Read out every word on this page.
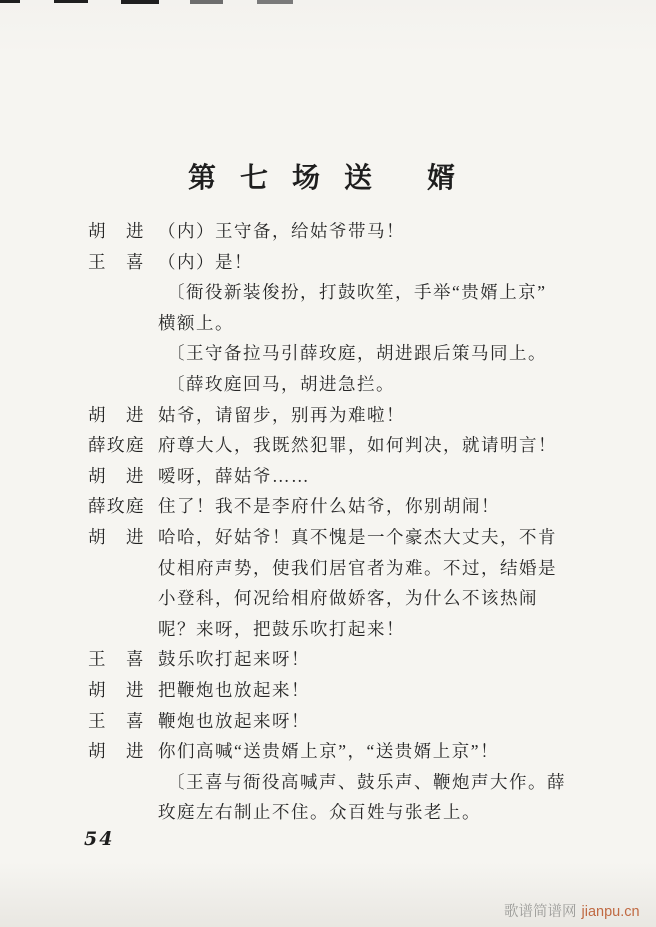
第七场送 婿
胡　进 （内）王守备，给姑爷带马！
王　喜 （内）是！
〔衙役新装俊扮，打鼓吹笙，手举“贵婿上京”
横额上。
〔王守备拉马引薛玫庭，胡进跟后策马同上。
〔薛玫庭回马，胡进急拦。
胡　进 姑爷，请留步，别再为难啦！
薛玫庭 府尊大人，我既然犯罪，如何判决，就请明言！
胡　进 嗳呀，薛姑爷……
薛玫庭 住了！我不是李府什么姑爷，你别胡闹！
胡　进 哈哈，好姑爷！真不愧是一个豪杰大丈夫，不肯
仗相府声势，使我们居官者为难。不过，结婚是
小登科，何况给相府做娇客，为什么不该热闹
呢？来呀，把鼓乐吹打起来！
王　喜 鼓乐吹打起来呀！
胡　进 把鞭炮也放起来！
王　喜 鞭炮也放起来呀！
胡　进 你们高喊“送贵婿上京”，“送贵婿上京”！
〔王喜与衙役高喊声、鼓乐声、鞭炮声大作。薛
玫庭左右制止不住。众百姓与张老上。
54
歌谱简谱网 jianpu.cn
